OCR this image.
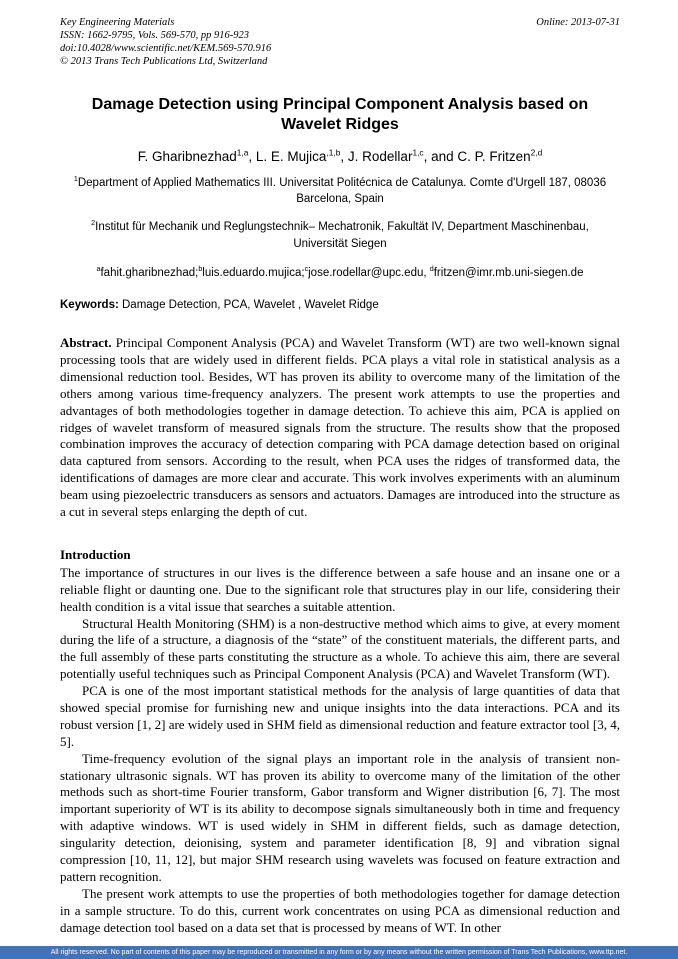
Key Engineering Materials
ISSN: 1662-9795, Vols. 569-570, pp 916-923
doi:10.4028/www.scientific.net/KEM.569-570.916
© 2013 Trans Tech Publications Ltd, Switzerland
Online: 2013-07-31
Damage Detection using Principal Component Analysis based on Wavelet Ridges
F. Gharibnezhad$^{1,a}$, L. E. Mujica$^{,1,b}$, J. Rodellar$^{1,c}$, and C. P. Fritzen$^{2,d}$
$^1$Department of Applied Mathematics III. Universitat Politécnica de Catalunya. Comte d'Urgell 187, 08036 Barcelona, Spain
$^2$Institut für Mechanik und Reglungstechnik– Mechatronik, Fakultät IV, Department Maschinenbau, Universität Siegen
$^a$fahit.gharibnezhad;$^b$luis.eduardo.mujica;$^c$jose.rodellar@upc.edu, $^d$fritzen@imr.mb.uni-siegen.de

Keywords: Damage Detection, PCA, Wavelet , Wavelet Ridge

Abstract. Principal Component Analysis (PCA) and Wavelet Transform (WT) are two well-known signal processing tools that are widely used in different fields. PCA plays a vital role in statistical analysis as a dimensional reduction tool. Besides, WT has proven its ability to overcome many of the limitation of the others among various time-frequency analyzers. The present work attempts to use the properties and advantages of both methodologies together in damage detection. To achieve this aim, PCA is applied on ridges of wavelet transform of measured signals from the structure. The results show that the proposed combination improves the accuracy of detection comparing with PCA damage detection based on original data captured from sensors. According to the result, when PCA uses the ridges of transformed data, the identifications of damages are more clear and accurate. This work involves experiments with an aluminum beam using piezoelectric transducers as sensors and actuators. Damages are introduced into the structure as a cut in several steps enlarging the depth of cut.

Introduction

The importance of structures in our lives is the difference between a safe house and an insane one or a reliable flight or daunting one. Due to the significant role that structures play in our life, considering their health condition is a vital issue that searches a suitable attention.

Structural Health Monitoring (SHM) is a non-destructive method which aims to give, at every moment during the life of a structure, a diagnosis of the “state” of the constituent materials, the different parts, and the full assembly of these parts constituting the structure as a whole. To achieve this aim, there are several potentially useful techniques such as Principal Component Analysis (PCA) and Wavelet Transform (WT).

PCA is one of the most important statistical methods for the analysis of large quantities of data that showed special promise for furnishing new and unique insights into the data interactions. PCA and its robust version [1, 2] are widely used in SHM field as dimensional reduction and feature extractor tool [3, 4, 5].

Time-frequency evolution of the signal plays an important role in the analysis of transient non-stationary ultrasonic signals. WT has proven its ability to overcome many of the limitation of the other methods such as short-time Fourier transform, Gabor transform and Wigner distribution [6, 7]. The most important superiority of WT is its ability to decompose signals simultaneously both in time and frequency with adaptive windows. WT is used widely in SHM in different fields, such as damage detection, singularity detection, deionising, system and parameter identification [8, 9] and vibration signal compression [10, 11, 12], but major SHM research using wavelets was focused on feature extraction and pattern recognition.

The present work attempts to use the properties of both methodologies together for damage detection in a sample structure. To do this, current work concentrates on using PCA as dimensional reduction and damage detection tool based on a data set that is processed by means of WT. In other

All rights reserved. No part of contents of this paper may be reproduced or transmitted in any form or by any means without the written permission of Trans Tech Publications, www.ttp.net.
